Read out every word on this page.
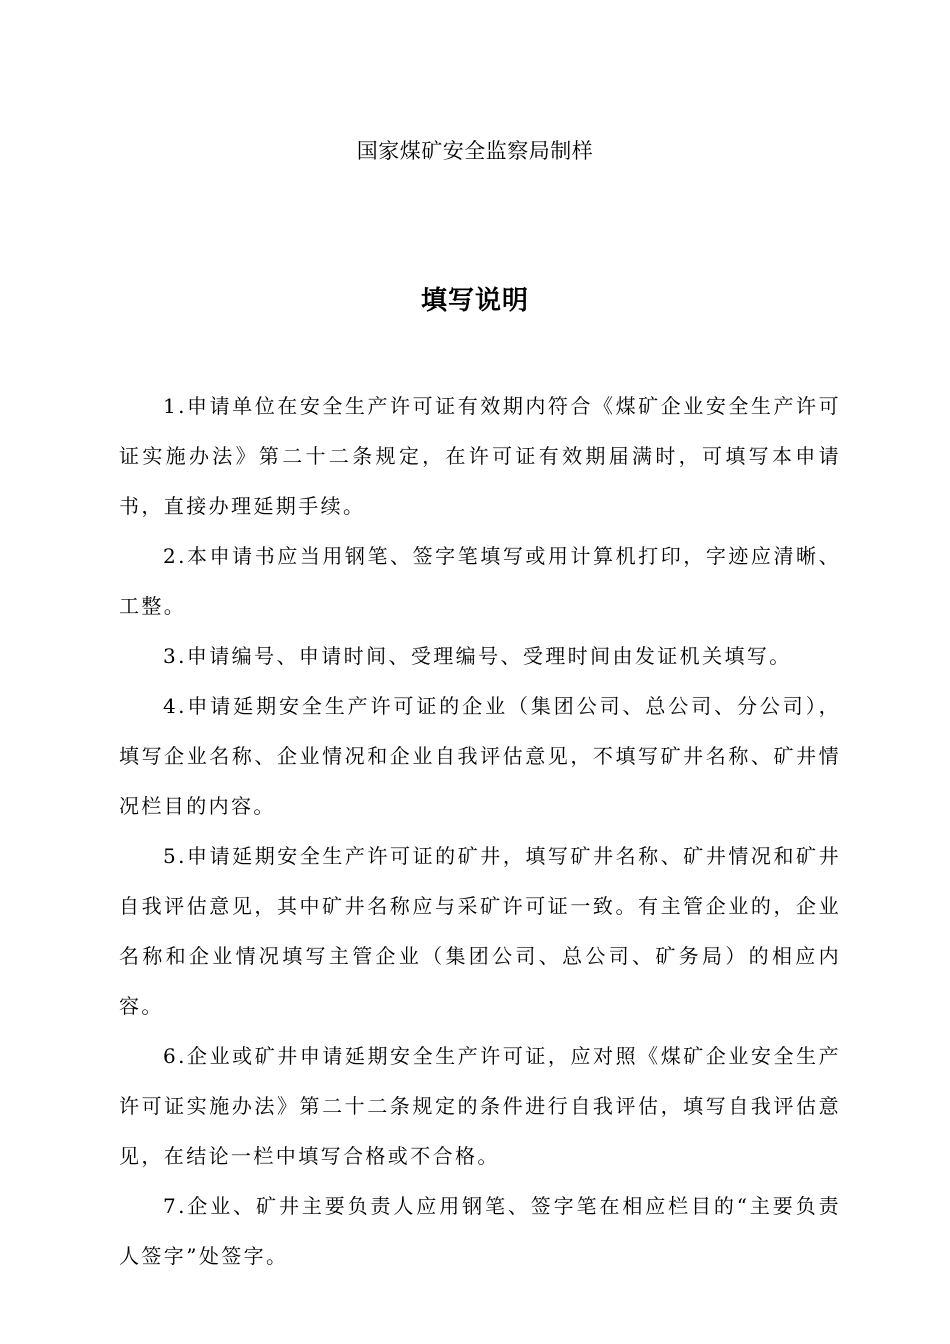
国家煤矿安全监察局制样
填写说明

1.申请单位在安全生产许可证有效期内符合《煤矿企业安全生产许可证实施办法》第二十二条规定，在许可证有效期届满时，可填写本申请书，直接办理延期手续。

2.本申请书应当用钢笔、签字笔填写或用计算机打印，字迹应清晰、工整。

3.申请编号、申请时间、受理编号、受理时间由发证机关填写。

4.申请延期安全生产许可证的企业（集团公司、总公司、分公司），填写企业名称、企业情况和企业自我评估意见，不填写矿井名称、矿井情况栏目的内容。

5.申请延期安全生产许可证的矿井，填写矿井名称、矿井情况和矿井自我评估意见，其中矿井名称应与采矿许可证一致。有主管企业的，企业名称和企业情况填写主管企业（集团公司、总公司、矿务局）的相应内容。

6.企业或矿井申请延期安全生产许可证，应对照《煤矿企业安全生产许可证实施办法》第二十二条规定的条件进行自我评估，填写自我评估意见，在结论一栏中填写合格或不合格。

7.企业、矿井主要负责人应用钢笔、签字笔在相应栏目的“主要负责人签字”处签字。
